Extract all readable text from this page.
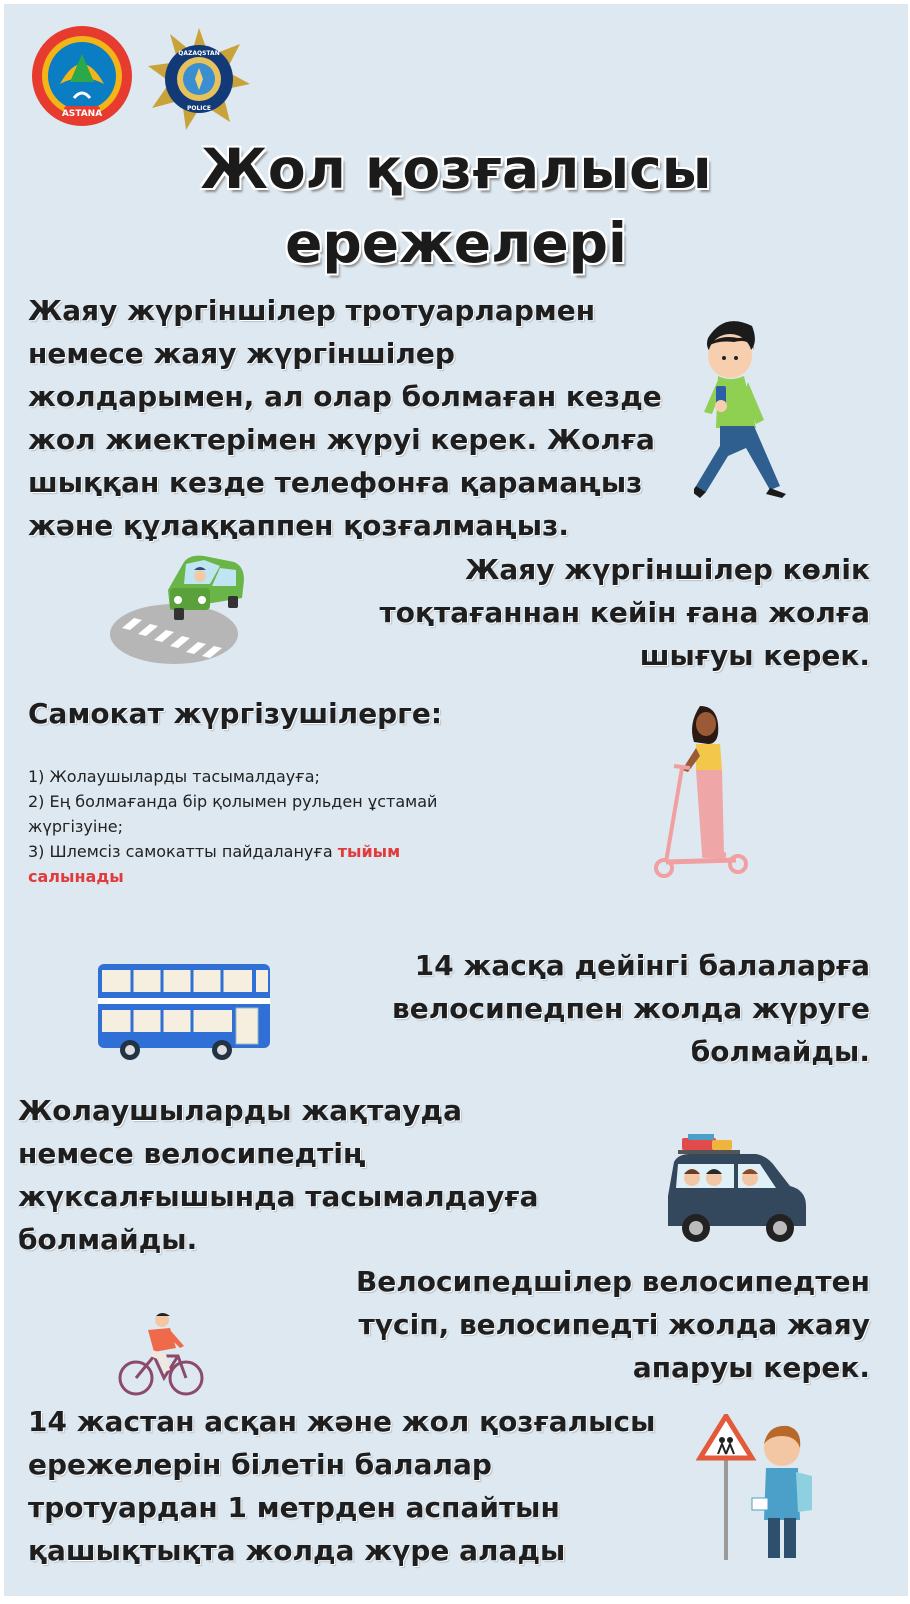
ASTANA
QAZAQSTAN
POLICE
Жол қозғалысы
ережелері
Жаяу жүргіншілер тротуарлармен немесе жаяу жүргіншілер жолдарымен, ал олар болмаған кезде жол жиектерімен жүруі керек. Жолға шыққан кезде телефонға қарамаңыз және құлаққаппен қозғалмаңыз.
Жаяу жүргіншілер көлік тоқтағаннан кейін ғана жолға шығуы керек.
Самокат жүргізушілерге:
1) Жолаушыларды тасымалдауға;
2) Ең болмағанда бір қолымен рульден ұстамай жүргізуіне;
3) Шлемсіз самокатты пайдалануға тыйым салынады
14 жасқа дейінгі балаларға велосипедпен жолда жүруге болмайды.
Жолаушыларды жақтауда немесе велосипедтің жүксалғышында тасымалдауға болмайды.
Велосипедшілер велосипедтен түсіп, велосипедті жолда жаяу апаруы керек.
14 жастан асқан және жол қозғалысы ережелерін білетін балалар тротуардан 1 метрден аспайтын қашықтықта жолда жүре алады
